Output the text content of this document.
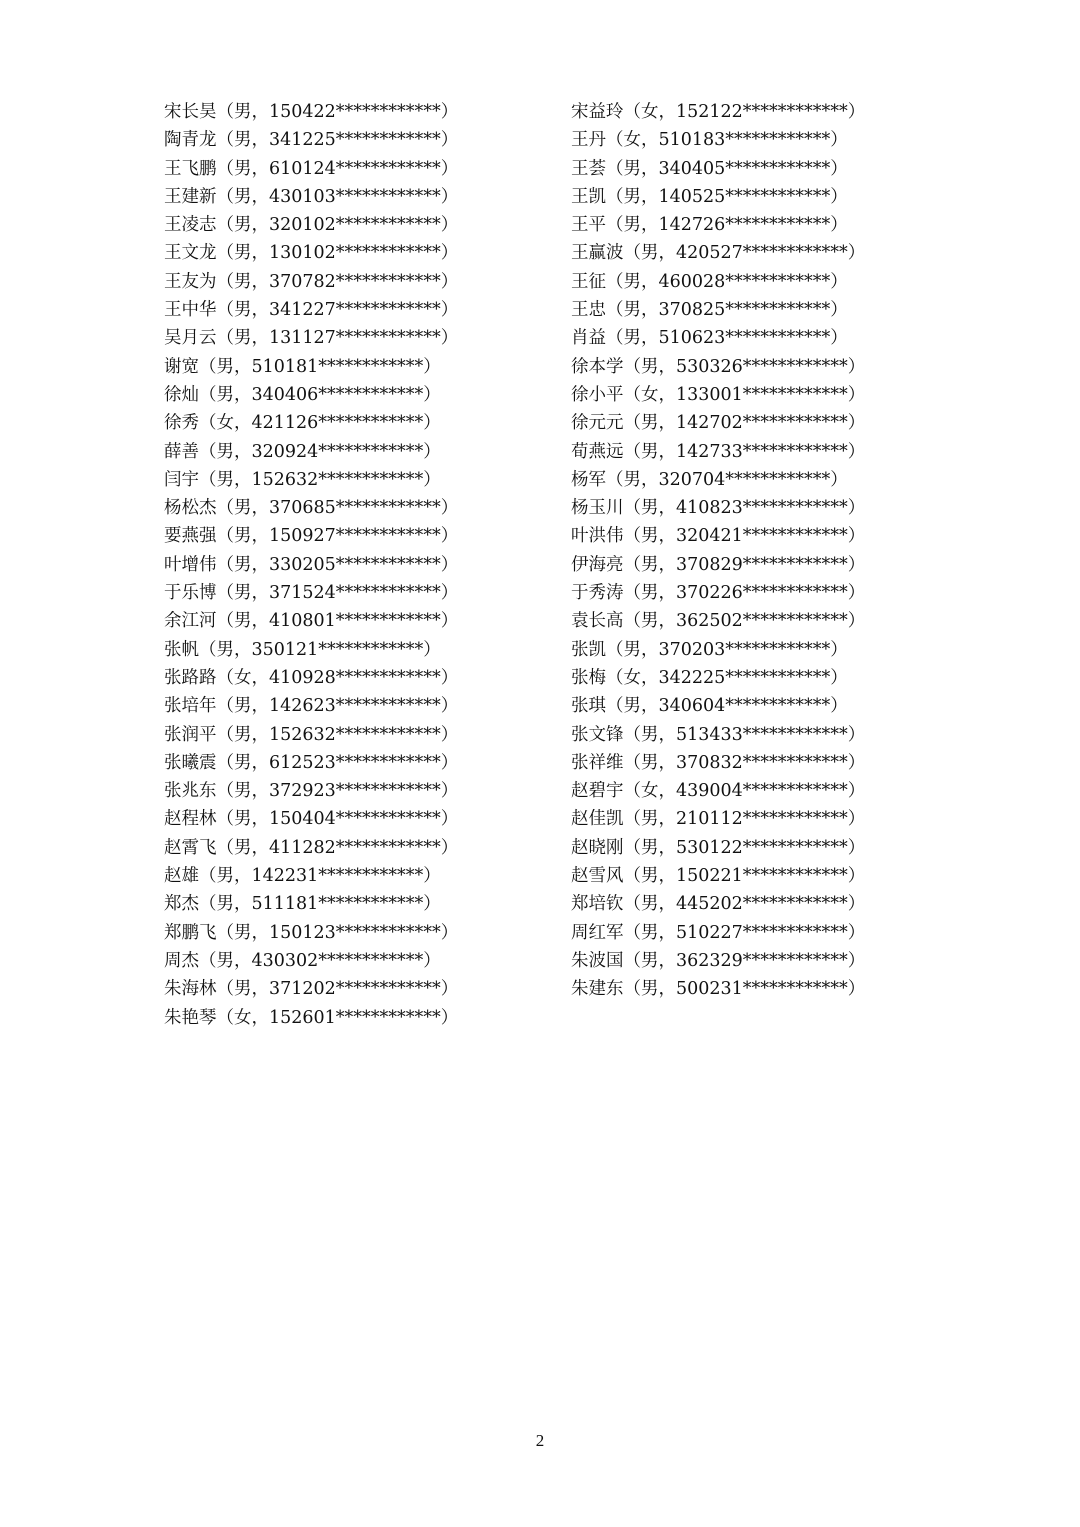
宋长昊（男，150422************）
陶青龙（男，341225************）
王飞鹏（男，610124************）
王建新（男，430103************）
王凌志（男，320102************）
王文龙（男，130102************）
王友为（男，370782************）
王中华（男，341227************）
吴月云（男，131127************）
谢宽（男，510181************）
徐灿（男，340406************）
徐秀（女，421126************）
薛善（男，320924************）
闫宇（男，152632************）
杨松杰（男，370685************）
要燕强（男，150927************）
叶增伟（男，330205************）
于乐博（男，371524************）
余江河（男，410801************）
张帆（男，350121************）
张路路（女，410928************）
张培年（男，142623************）
张润平（男，152632************）
张曦震（男，612523************）
张兆东（男，372923************）
赵程林（男，150404************）
赵霄飞（男，411282************）
赵雄（男，142231************）
郑杰（男，511181************）
郑鹏飞（男，150123************）
周杰（男，430302************）
朱海林（男，371202************）
朱艳琴（女，152601************）
宋益玲（女，152122************）
王丹（女，510183************）
王荟（男，340405************）
王凯（男，140525************）
王平（男，142726************）
王赢波（男，420527************）
王征（男，460028************）
王忠（男，370825************）
肖益（男，510623************）
徐本学（男，530326************）
徐小平（女，133001************）
徐元元（男，142702************）
荀燕远（男，142733************）
杨军（男，320704************）
杨玉川（男，410823************）
叶洪伟（男，320421************）
伊海亮（男，370829************）
于秀涛（男，370226************）
袁长高（男，362502************）
张凯（男，370203************）
张梅（女，342225************）
张琪（男，340604************）
张文锋（男，513433************）
张祥维（男，370832************）
赵碧宇（女，439004************）
赵佳凯（男，210112************）
赵晓刚（男，530122************）
赵雪风（男，150221************）
郑培钦（男，445202************）
周红军（男，510227************）
朱波国（男，362329************）
朱建东（男，500231************）
2
